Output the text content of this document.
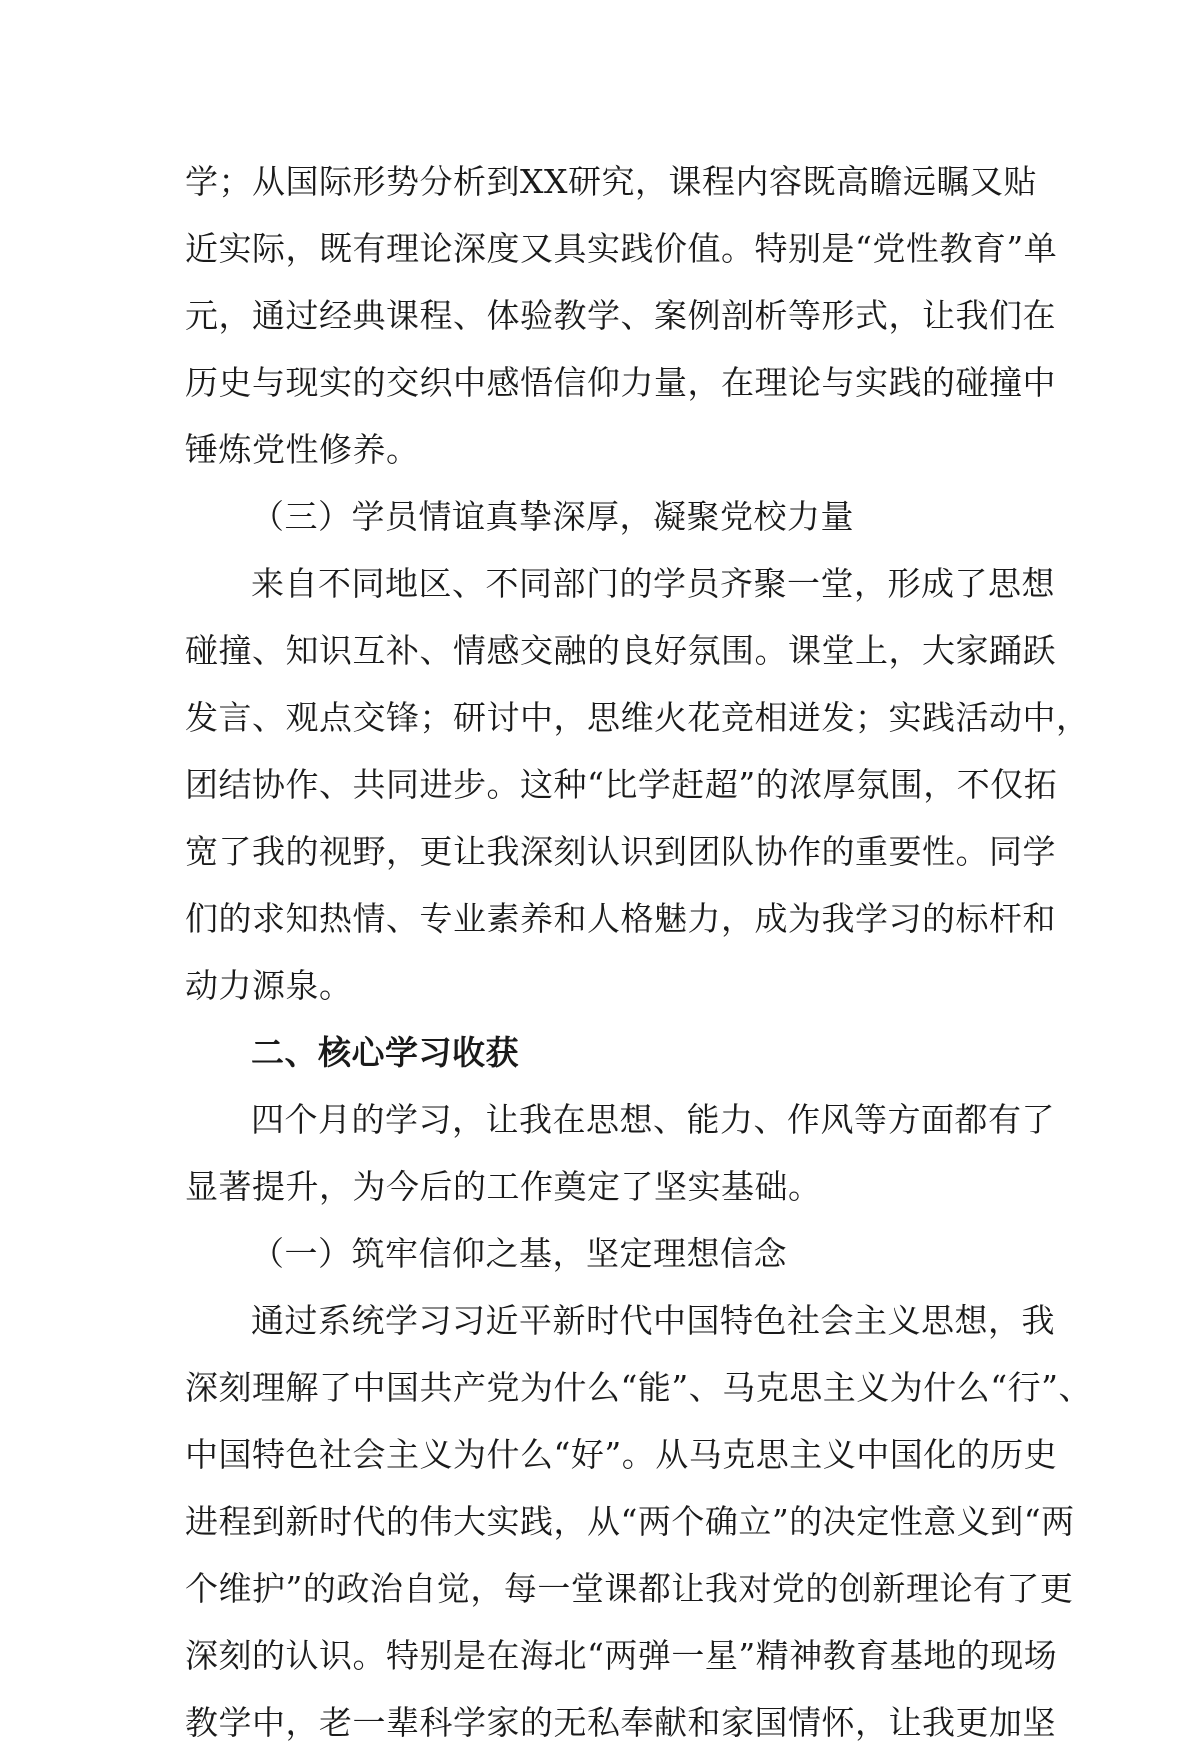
学；从国际形势分析到XX研究，课程内容既高瞻远瞩又贴
近实际，既有理论深度又具实践价值。特别是“党性教育”单
元，通过经典课程、体验教学、案例剖析等形式，让我们在
历史与现实的交织中感悟信仰力量，在理论与实践的碰撞中
锤炼党性修养。
（三）学员情谊真挚深厚，凝聚党校力量
来自不同地区、不同部门的学员齐聚一堂，形成了思想
碰撞、知识互补、情感交融的良好氛围。课堂上，大家踊跃
发言、观点交锋；研讨中，思维火花竞相迸发；实践活动中，
团结协作、共同进步。这种“比学赶超”的浓厚氛围，不仅拓
宽了我的视野，更让我深刻认识到团队协作的重要性。同学
们的求知热情、专业素养和人格魅力，成为我学习的标杆和
动力源泉。
二、核心学习收获
四个月的学习，让我在思想、能力、作风等方面都有了
显著提升，为今后的工作奠定了坚实基础。
（一）筑牢信仰之基，坚定理想信念
通过系统学习习近平新时代中国特色社会主义思想，我
深刻理解了中国共产党为什么“能”、马克思主义为什么“行”、
中国特色社会主义为什么“好”。从马克思主义中国化的历史
进程到新时代的伟大实践，从“两个确立”的决定性意义到“两
个维护”的政治自觉，每一堂课都让我对党的创新理论有了更
深刻的认识。特别是在海北“两弹一星”精神教育基地的现场
教学中，老一辈科学家的无私奉献和家国情怀，让我更加坚
